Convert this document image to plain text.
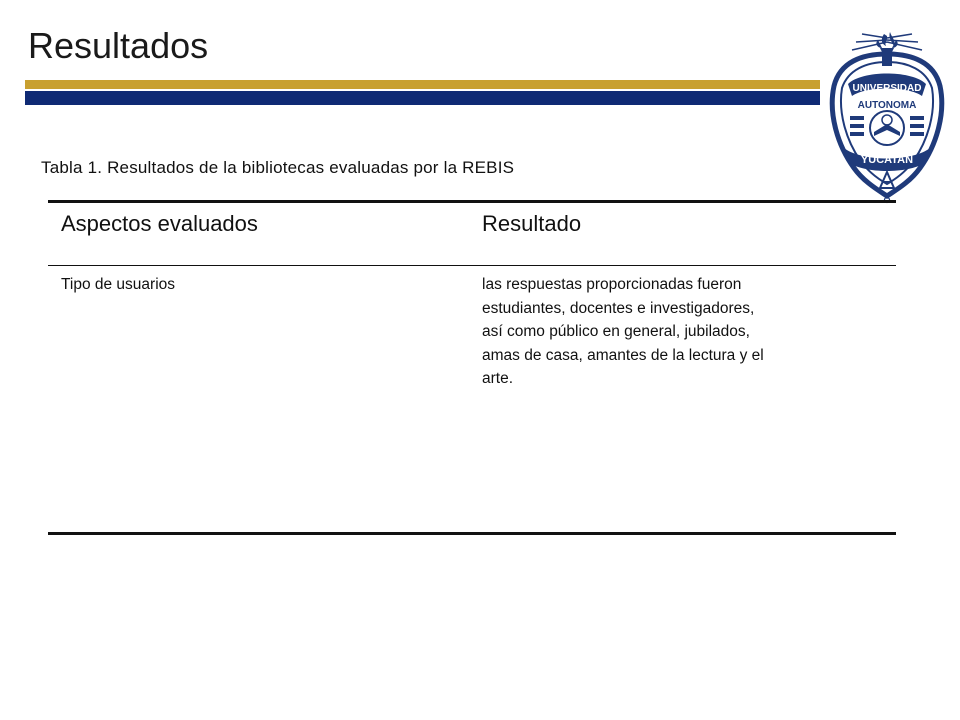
Resultados
UNIVERSIDAD
AUTONOMA
YUCATAN
Tabla 1. Resultados de la bibliotecas evaluadas por la REBIS
Aspectos evaluados	Resultado
Tipo de usuarios	las respuestas proporcionadas fueron
estudiantes, docentes e investigadores,
así como público en general, jubilados,
amas de casa, amantes de la lectura y el
arte.
